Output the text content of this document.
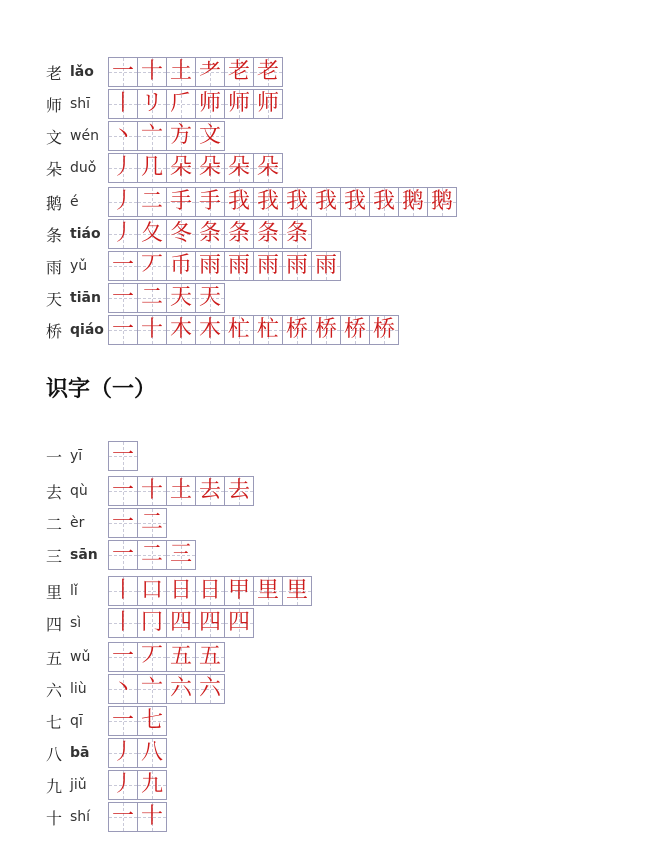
老 lǎo 一 十 土 耂 老 老
师 shī 丨 リ 𠂆 师 师 师
文 wén 丶 亠 方 文
朵 duǒ 丿 几 朵 朵 朵 朵
鹅 é	丿 二 手 手 我 我 我 我 我 我 鹅 鹅
条 tiáo 丿 夂 冬 条 条 条 条
雨 yǔ	一 丆 币 雨 雨 雨 雨 雨
天 tiān 一 二 天 天
桥 qiáo 一 十 木 木 杧 杧 桥 桥 桥 桥
一 yī	一
去 qù	一 十 土 去 去
二 èr	一 二
三 sān 一 二 三
里 lǐ	丨 口 日 日 甲 里 里
四 sì	丨 冂 四 四 四
五 wǔ 一 丆 五 五
六 liù	丶 亠 六 六
七 qī	一 七
八 bā	丿 八
九 jiǔ	丿 九
十 shí 一 十
识字（一）
